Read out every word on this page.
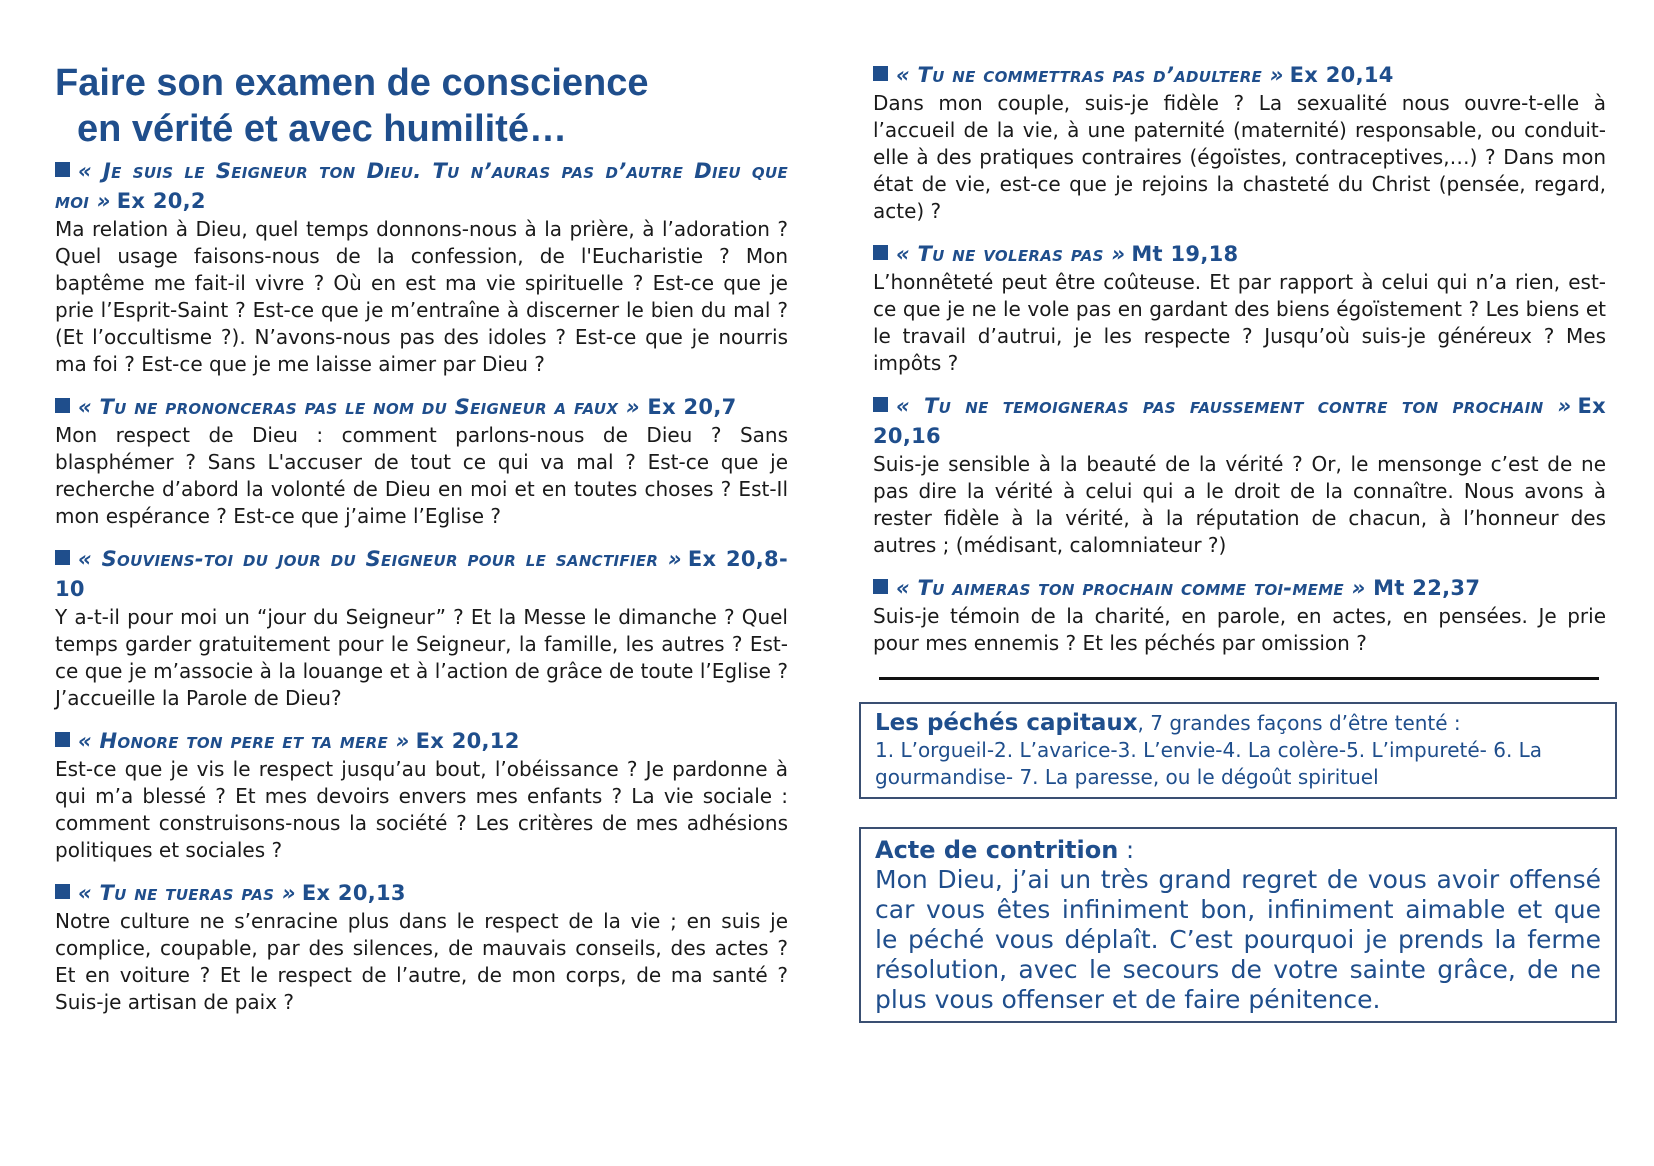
Faire son examen de conscience
en vérité et avec humilité…
« Je suis le Seigneur ton Dieu. Tu n’auras pas d’autre Dieu que moi » Ex 20,2
Ma relation à Dieu, quel temps donnons-nous à la prière, à l’adoration ? Quel usage faisons-nous de la confession, de l'Eucharistie ? Mon baptême me fait-il vivre ? Où en est ma vie spirituelle ? Est-ce que je prie l’Esprit-Saint ? Est-ce que je m’entraîne à discerner le bien du mal ? (Et l’occultisme ?). N’avons-nous pas des idoles ? Est-ce que je nourris ma foi ? Est-ce que je me laisse aimer par Dieu ?
« Tu ne prononceras pas le nom du Seigneur a faux » Ex 20,7
Mon respect de Dieu : comment parlons-nous de Dieu ? Sans blasphémer ? Sans L'accuser de tout ce qui va mal ? Est-ce que je recherche d’abord la volonté de Dieu en moi et en toutes choses ? Est-Il mon espérance ? Est-ce que j’aime l’Eglise ?
« Souviens-toi du jour du Seigneur pour le sanctifier » Ex 20,8-10
Y a-t-il pour moi un “jour du Seigneur” ? Et la Messe le dimanche ? Quel temps garder gratuitement pour le Seigneur, la famille, les autres ? Est-ce que je m’associe à la louange et à l’action de grâce de toute l’Eglise ? J’accueille la Parole de Dieu?
« Honore ton pere et ta mere » Ex 20,12
Est-ce que je vis le respect jusqu’au bout, l’obéissance ? Je pardonne à qui m’a blessé ? Et mes devoirs envers mes enfants ? La vie sociale : comment construisons-nous la société ? Les critères de mes adhésions politiques et sociales ?
« Tu ne tueras pas » Ex 20,13
Notre culture ne s’enracine plus dans le respect de la vie ; en suis je complice, coupable, par des silences, de mauvais conseils, des actes ? Et en voiture ? Et le respect de l’autre, de mon corps, de ma santé ? Suis-je artisan de paix ?
« Tu ne commettras pas d’adultere » Ex 20,14
Dans mon couple, suis-je fidèle ? La sexualité nous ouvre-t-elle à l’accueil de la vie, à une paternité (maternité) responsable, ou conduit-elle à des pratiques contraires (égoïstes, contraceptives,…) ? Dans mon état de vie, est-ce que je rejoins la chasteté du Christ (pensée, regard, acte) ?
« Tu ne voleras pas » Mt 19,18
L’honnêteté peut être coûteuse. Et par rapport à celui qui n’a rien, est-ce que je ne le vole pas en gardant des biens égoïstement ? Les biens et le travail d’autrui, je les respecte ? Jusqu’où suis-je généreux ? Mes impôts ?
« Tu ne temoigneras pas faussement contre ton prochain » Ex 20,16
Suis-je sensible à la beauté de la vérité ? Or, le mensonge c’est de ne pas dire la vérité à celui qui a le droit de la connaître. Nous avons à rester fidèle à la vérité, à la réputation de chacun, à l’honneur des autres ; (médisant, calomniateur ?)
« Tu aimeras ton prochain comme toi-meme » Mt 22,37
Suis-je témoin de la charité, en parole, en actes, en pensées. Je prie pour mes ennemis ? Et les péchés par omission ?
Les péchés capitaux, 7 grandes façons d’être tenté :
1. L’orgueil-2. L’avarice-3. L’envie-4. La colère-5. L’impureté- 6. La gourmandise- 7. La paresse, ou le dégoût spirituel
Acte de contrition :
Mon Dieu, j’ai un très grand regret de vous avoir offensé car vous êtes infiniment bon, infiniment aimable et que le péché vous déplaît. C’est pourquoi je prends la ferme résolution, avec le secours de votre sainte grâce, de ne plus vous offenser et de faire pénitence.
